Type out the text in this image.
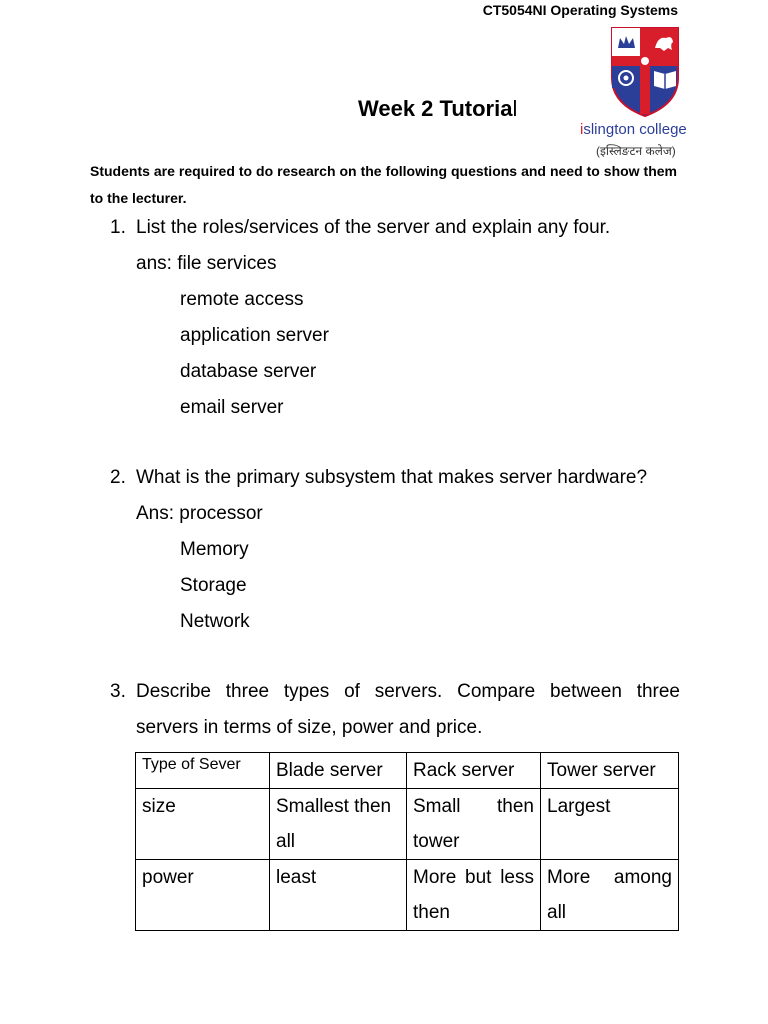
CT5054NI Operating Systems
islington college
(इस्लिङटन कलेज)
Week 2 Tutorial

Students are required to do research on the following questions and need to show them to the lecturer.

1. List the roles/services of the server and explain any four.
ans: file services
remote access
application server
database server
email server
2. What is the primary subsystem that makes server hardware?
Ans: processor
Memory
Storage
Network
3. Describe three types of servers. Compare between three servers in terms of size, power and price.
Type of Sever	Blade server	Rack server	Tower server
size	Smallest then all	Small then tower	Largest
power	least	More but less then	More among all
